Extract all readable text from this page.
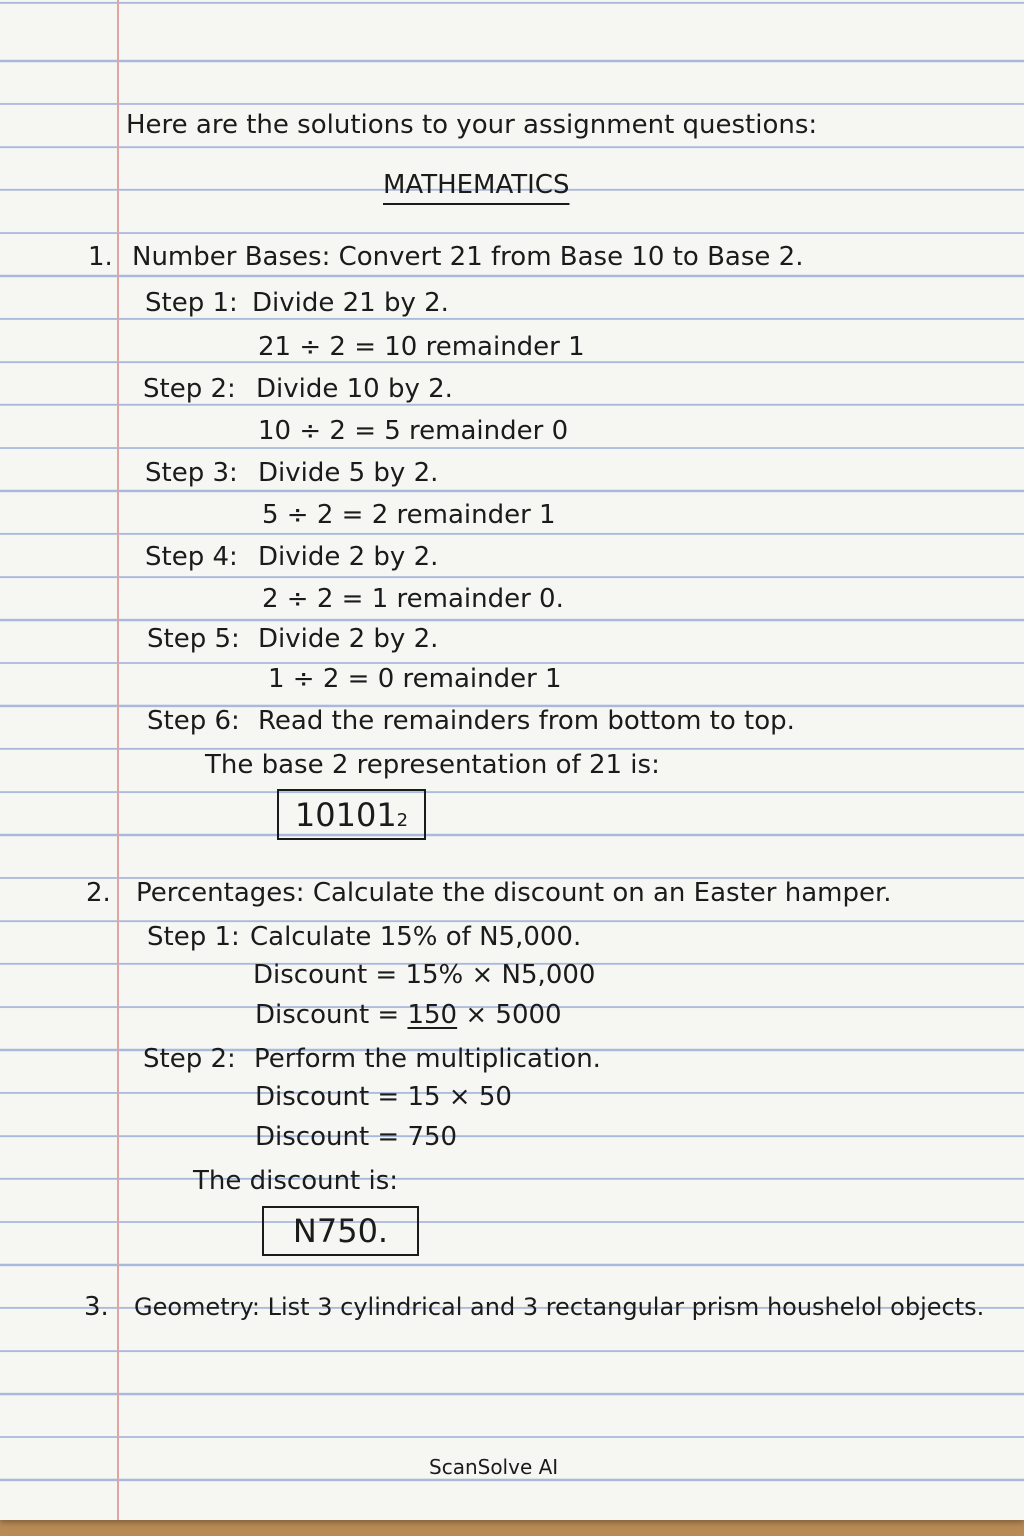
Here are the solutions to your assignment questions:
MATHEMATICS
1. Number Bases: Convert 21 from Base 10 to Base 2.
Step 1: Divide 21 by 2.
21 ÷ 2 = 10 remainder 1
Step 2: Divide 10 by 2.
10 ÷ 2 = 5 remainder 0
Step 3: Divide 5 by 2.
5 ÷ 2 = 2 remainder 1
Step 4: Divide 2 by 2.
2 ÷ 2 = 1 remainder 0.
Step 5: Divide 2 by 2.
1 ÷ 2 = 0 remainder 1
Step 6: Read the remainders from bottom to top.
The base 2 representation of 21 is:
$10101_2$
2. Percentages: Calculate the discount on an Easter hamper.
Step 1: Calculate 15% of N5,000.
Discount = 15% × N5,000
Discount = 150 × 5000
Step 2: Perform the multiplication.
Discount = 15 × 50
Discount = 750
The discount is:
N750.
3. Geometry: List 3 cylindrical and 3 rectangular prism houshelol objects.
ScanSolve AI
